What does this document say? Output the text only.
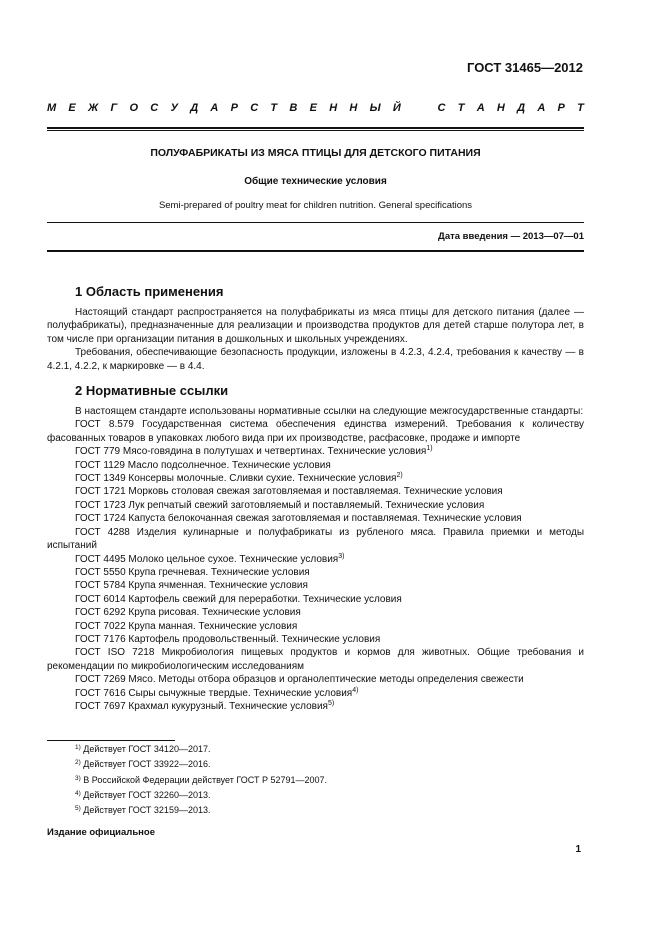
ГОСТ 31465—2012
М Е Ж Г О С У Д А Р С Т В Е Н Н Ы Й	С Т А Н Д А Р Т
ПОЛУФАБРИКАТЫ ИЗ МЯСА ПТИЦЫ ДЛЯ ДЕТСКОГО ПИТАНИЯ
Общие технические условия
Semi-prepared of poultry meat for children nutrition. General specifications
Дата введения — 2013—07—01
1 Область применения

Настоящий стандарт распространяется на полуфабрикаты из мяса птицы для детского питания (далее — полуфабрикаты), предназначенные для реализации и производства продуктов для детей старше полутора лет, в том числе при организации питания в дошкольных и школьных учреждениях.

Требования, обеспечивающие безопасность продукции, изложены в 4.2.3, 4.2.4, требования к качеству — в 4.2.1, 4.2.2, к маркировке — в 4.4.

2 Нормативные ссылки

В настоящем стандарте использованы нормативные ссылки на следующие межгосударственные стандарты:

ГОСТ 8.579 Государственная система обеспечения единства измерений. Требования к количеству фасованных товаров в упаковках любого вида при их производстве, расфасовке, продаже и импорте

ГОСТ 779 Мясо-говядина в полутушах и четвертинах. Технические условия$^{1)}$

ГОСТ 1129 Масло подсолнечное. Технические условия

ГОСТ 1349 Консервы молочные. Сливки сухие. Технические условия$^{2)}$

ГОСТ 1721 Морковь столовая свежая заготовляемая и поставляемая. Технические условия

ГОСТ 1723 Лук репчатый свежий заготовляемый и поставляемый. Технические условия

ГОСТ 1724 Капуста белокочанная свежая заготовляемая и поставляемая. Технические условия

ГОСТ 4288 Изделия кулинарные и полуфабрикаты из рубленого мяса. Правила приемки и методы испытаний

ГОСТ 4495 Молоко цельное сухое. Технические условия$^{3)}$

ГОСТ 5550 Крупа гречневая. Технические условия

ГОСТ 5784 Крупа ячменная. Технические условия

ГОСТ 6014 Картофель свежий для переработки. Технические условия

ГОСТ 6292 Крупа рисовая. Технические условия

ГОСТ 7022 Крупа манная. Технические условия

ГОСТ 7176 Картофель продовольственный. Технические условия

ГОСТ ISO 7218 Микробиология пищевых продуктов и кормов для животных. Общие требования и рекомендации по микробиологическим исследованиям

ГОСТ 7269 Мясо. Методы отбора образцов и органолептические методы определения свежести

ГОСТ 7616 Сыры сычужные твердые. Технические условия$^{4)}$

ГОСТ 7697 Крахмал кукурузный. Технические условия$^{5)}$

$^{1)}$ Действует ГОСТ 34120—2017.
$^{2)}$ Действует ГОСТ 33922—2016.
$^{3)}$ В Российской Федерации действует ГОСТ Р 52791—2007.
$^{4)}$ Действует ГОСТ 32260—2013.
$^{5)}$ Действует ГОСТ 32159—2013.
Издание официальное
1
